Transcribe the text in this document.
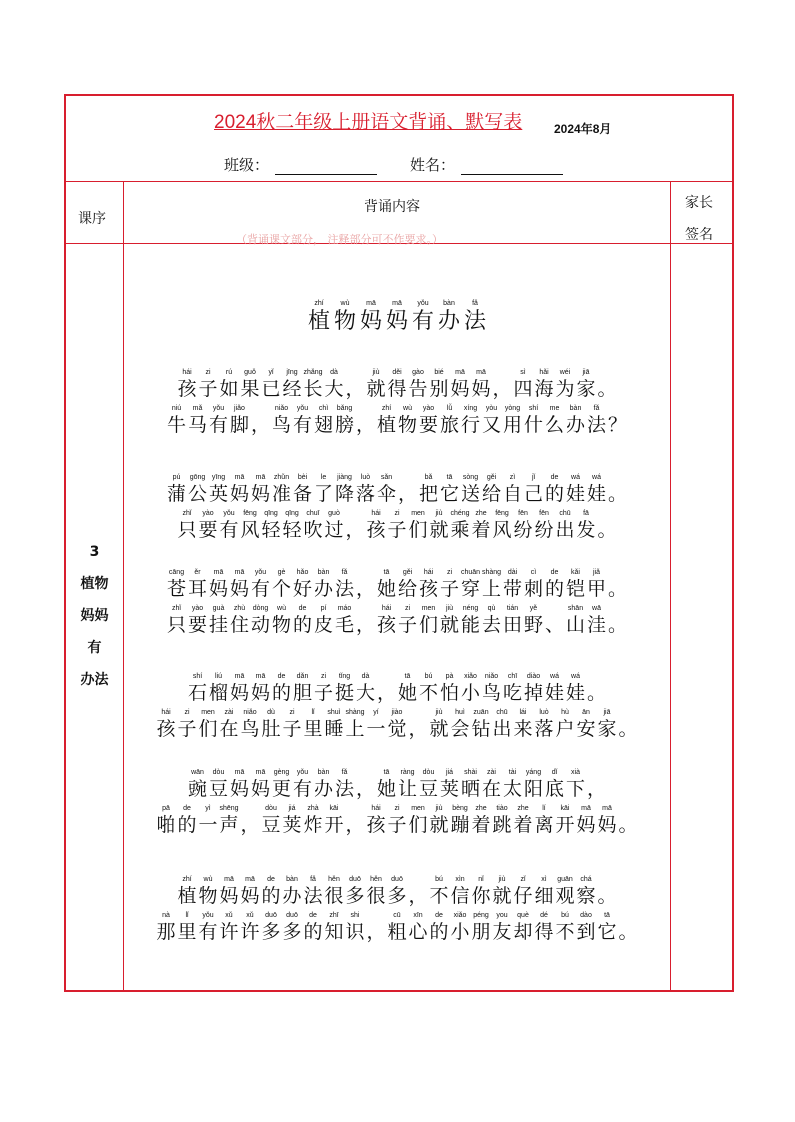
2024秋二年级上册语文背诵、默写表	2024年8月
班级：	姓名：
课序
背诵内容
（背诵课文部分， 注释部分可不作要求。）
家长
签名
3
植物
妈妈
有
办法
zhí
植
wù
物
mā
妈
mā
妈
yǒu
有
bàn
办
fǎ
法
hái
孩
zi
子
rú
如
guǒ
果
yǐ
已
jīng
经
zhǎng
长
dà
大 ，
jiù
就
děi
得
gào
告
bié
别
mā
妈
mā
妈 ，
sì
四
hǎi
海
wéi
为
jiā
家 。
niú
牛
mǎ
马
yǒu
有
jiǎo
脚 ，
niǎo
鸟
yǒu
有
chì
翅
bǎng
膀 ，
zhí
植
wù
物
yào
要
lǚ
旅
xíng
行
yòu
又
yòng
用
shí
什
me
么
bàn
办
fǎ
法 ？
pú
蒲
gōng
公
yīng
英
mā
妈
mā
妈
zhǔn
准
bèi
备
le
了
jiàng
降
luò
落
sǎn
伞 ，
bǎ
把
tā
它
sòng
送
gěi
给
zì
自
jǐ
己
de
的
wá
娃
wá
娃 。
zhǐ
只
yào
要
yǒu
有
fēng
风
qīng
轻
qīng
轻
chuī
吹
guò
过 ，
hái
孩
zi
子
men
们
jiù
就
chéng
乘
zhe
着
fēng
风
fēn
纷
fēn
纷
chū
出
fā
发 。
cāng
苍
ěr
耳
mā
妈
mā
妈
yǒu
有
gè
个
hǎo
好
bàn
办
fǎ
法 ，
tā
她
gěi
给
hái
孩
zi
子
chuān
穿
shàng
上
dài
带
cì
刺
de
的
kǎi
铠
jiǎ
甲 。
zhǐ
只
yào
要
guà
挂
zhù
住
dòng
动
wù
物
de
的
pí
皮
máo
毛 ，
hái
孩
zi
子
men
们
jiù
就
néng
能
qù
去
tián
田
yě
野 、
shān
山
wā
洼 。
shí
石
liú
榴
mā
妈
mā
妈
de
的
dǎn
胆
zi
子
tǐng
挺
dà
大 ，
tā
她
bú
不
pà
怕
xiǎo
小
niǎo
鸟
chī
吃
diào
掉
wá
娃
wá
娃 。
hái
孩
zi
子
men
们
zài
在
niǎo
鸟
dù
肚
zi
子
lǐ
里
shuì
睡
shàng
上
yí
一
jiào
觉 ，
jiù
就
huì
会
zuān
钻
chū
出
lái
来
luò
落
hù
户
ān
安
jiā
家 。
wān
豌
dòu
豆
mā
妈
mā
妈
gèng
更
yǒu
有
bàn
办
fǎ
法 ，
tā
她
ràng
让
dòu
豆
jiá
荚
shài
晒
zài
在
tài
太
yáng
阳
dǐ
底
xià
下 ，
pā
啪
de
的
yì
一
shēng
声 ，
dòu
豆
jiá
荚
zhà
炸
kāi
开 ，
hái
孩
zi
子
men
们
jiù
就
bèng
蹦
zhe
着
tiào
跳
zhe
着
lí
离
kāi
开
mā
妈
mā
妈 。
zhí
植
wù
物
mā
妈
mā
妈
de
的
bàn
办
fǎ
法
hěn
很
duō
多
hěn
很
duō
多 ，
bú
不
xìn
信
nǐ
你
jiù
就
zǐ
仔
xì
细
guān
观
chá
察 。
nà
那
lǐ
里
yǒu
有
xǔ
许
xǔ
许
duō
多
duō
多
de
的
zhī
知
shi
识 ，
cū
粗
xīn
心
de
的
xiǎo
小
péng
朋
you
友
què
却
dé
得
bú
不
dào
到
tā
它 。
